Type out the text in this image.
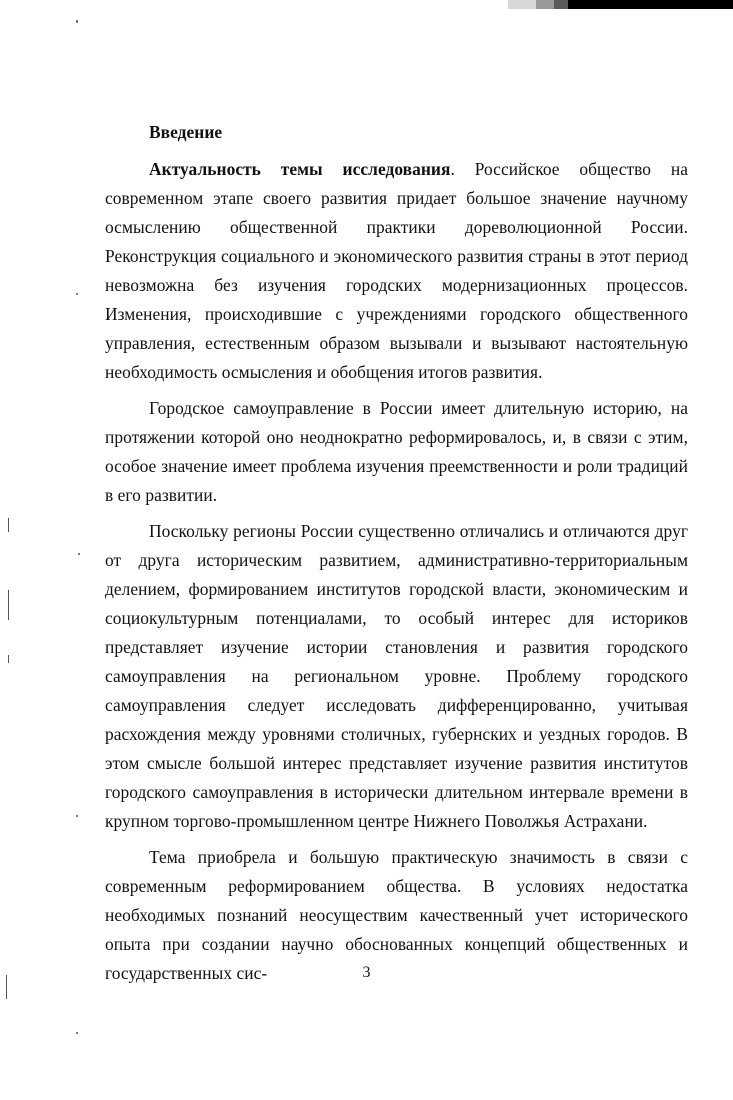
Введение

Актуальность темы исследования. Российское общество на современном этапе своего развития придает большое значение научному осмыслению общественной практики дореволюционной России. Реконструкция социального и экономического развития страны в этот период невозможна без изучения городских модернизационных процессов. Изменения, происходившие с учреждениями городского общественного управления, естественным образом вызывали и вызывают настоятельную необходимость осмысления и обобщения итогов развития.

Городское самоуправление в России имеет длительную историю, на протяжении которой оно неоднократно реформировалось, и, в связи с этим, особое значение имеет проблема изучения преемственности и роли традиций в его развитии.

Поскольку регионы России существенно отличались и отличаются друг от друга историческим развитием, административно-территориальным делением, формированием институтов городской власти, экономическим и социокультурным потенциалами, то особый интерес для историков представляет изучение истории становления и развития городского самоуправления на региональном уровне. Проблему городского самоуправления следует исследовать дифференцированно, учитывая расхождения между уровнями столичных, губернских и уездных городов. В этом смысле большой интерес представляет изучение развития институтов городского самоуправления в исторически длительном интервале времени в крупном торгово-промышленном центре Нижнего Поволжья Астрахани.

Тема приобрела и большую практическую значимость в связи с современным реформированием общества. В условиях недостатка необходимых познаний неосуществим качественный учет исторического опыта при создании научно обоснованных концепций общественных и государственных сис-	3
